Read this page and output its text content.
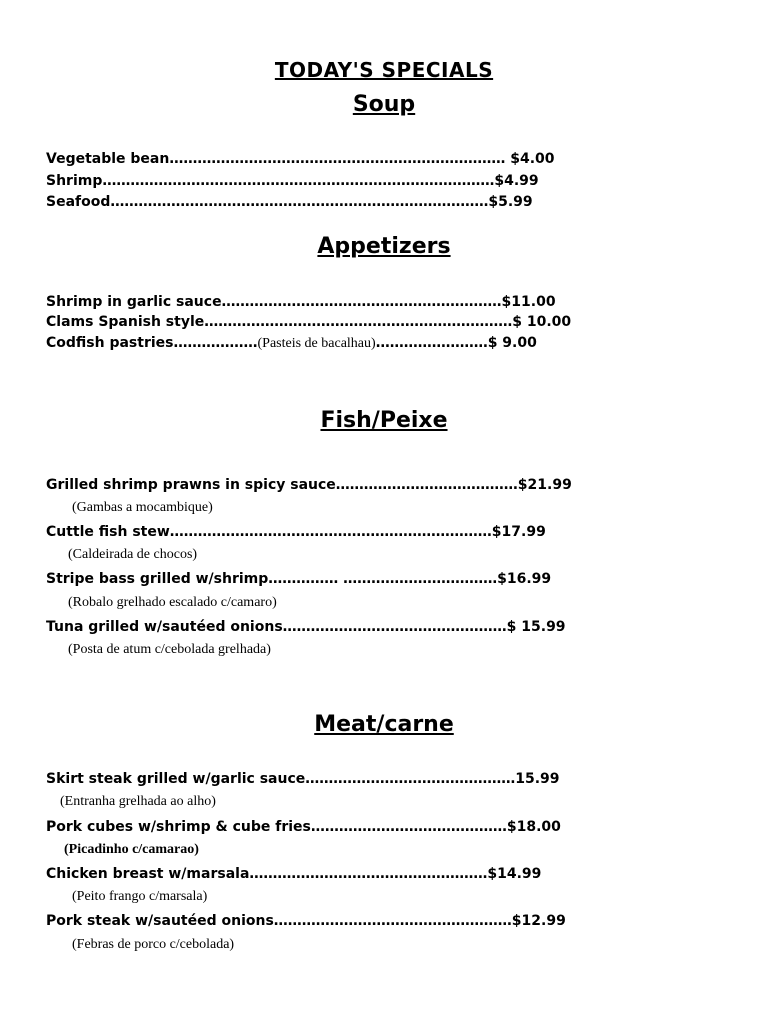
TODAY'S SPECIALS
Soup
Vegetable bean……………………………………………………………… $4.00
Shrimp…………………………………………………………………………$4.99
Seafood………………………………………………………………………$5.99
Appetizers
Shrimp in garlic sauce……………………………………………………$11.00
Clams Spanish style…………………………………………………………$ 10.00
Codfish pastries………………(Pasteis de bacalhau)……………………$ 9.00
Fish/Peixe
Grilled shrimp prawns in spicy sauce…………………………………$21.99
(Gambas a mocambique)
Cuttle fish stew……………………………………………………………$17.99
(Caldeirada de chocos)
Stripe bass grilled w/shrimp…………… ……………………………$16.99
(Robalo grelhado escalado c/camaro)
Tuna grilled w/sautéed onions…………………………………………$ 15.99
(Posta de atum c/cebolada grelhada)
Meat/carne
Skirt steak grilled w/garlic sauce………………………………………15.99
(Entranha grelhada ao alho)
Pork cubes w/shrimp & cube fries……………………………………$18.00
(Picadinho c/camarao)
Chicken breast w/marsala……………………………………………$14.99
(Peito frango c/marsala)
Pork steak w/sautéed onions……………………………………………$12.99
(Febras de porco c/cebolada)
